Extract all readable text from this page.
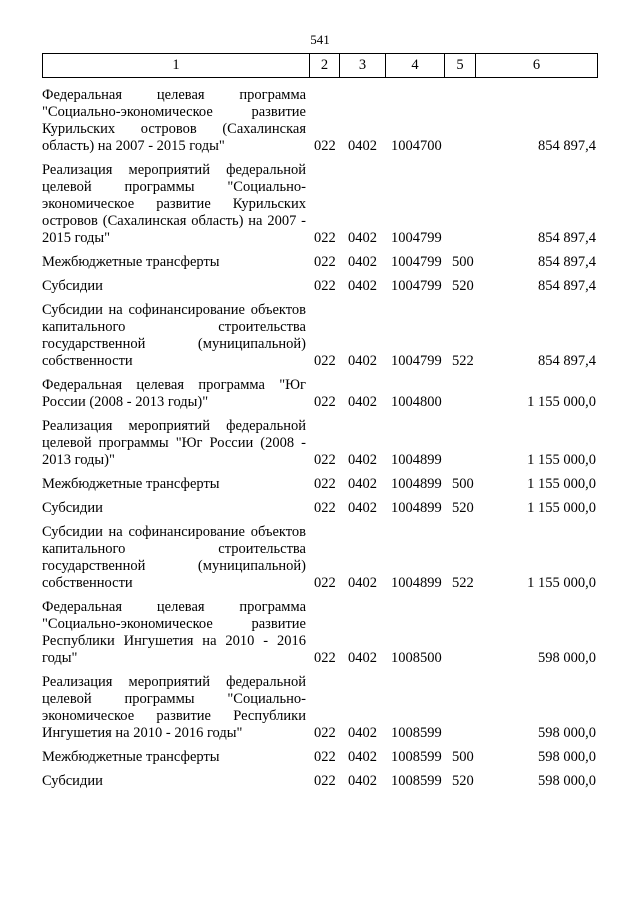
541
1	2	3	4	5	6
Федеральная целевая программа "Социально-экономическое развитие Курильских островов (Сахалинская область) на 2007 - 2015 годы"	022 0402 1004700	854 897,4
Реализация мероприятий федеральной целевой программы "Социально-экономическое развитие Курильских островов (Сахалинская область) на 2007 - 2015 годы"	022 0402 1004799	854 897,4
Межбюджетные трансферты	022 0402 1004799 500	854 897,4
Субсидии	022 0402 1004799 520	854 897,4
Субсидии на софинансирование объектов капитального строительства государственной (муниципальной) собственности	022 0402 1004799 522	854 897,4
Федеральная целевая программа "Юг России (2008 - 2013 годы)"	022 0402 1004800	1 155 000,0
Реализация мероприятий федеральной целевой программы "Юг России (2008 - 2013 годы)"	022 0402 1004899	1 155 000,0
Межбюджетные трансферты	022 0402 1004899 500	1 155 000,0
Субсидии	022 0402 1004899 520	1 155 000,0
Субсидии на софинансирование объектов капитального строительства государственной (муниципальной) собственности	022 0402 1004899 522	1 155 000,0
Федеральная целевая программа "Социально-экономическое развитие Республики Ингушетия на 2010 - 2016 годы"	022 0402 1008500	598 000,0
Реализация мероприятий федеральной целевой программы "Социально-экономическое развитие Республики Ингушетия на 2010 - 2016 годы"	022 0402 1008599	598 000,0
Межбюджетные трансферты	022 0402 1008599 500	598 000,0
Субсидии	022 0402 1008599 520	598 000,0
